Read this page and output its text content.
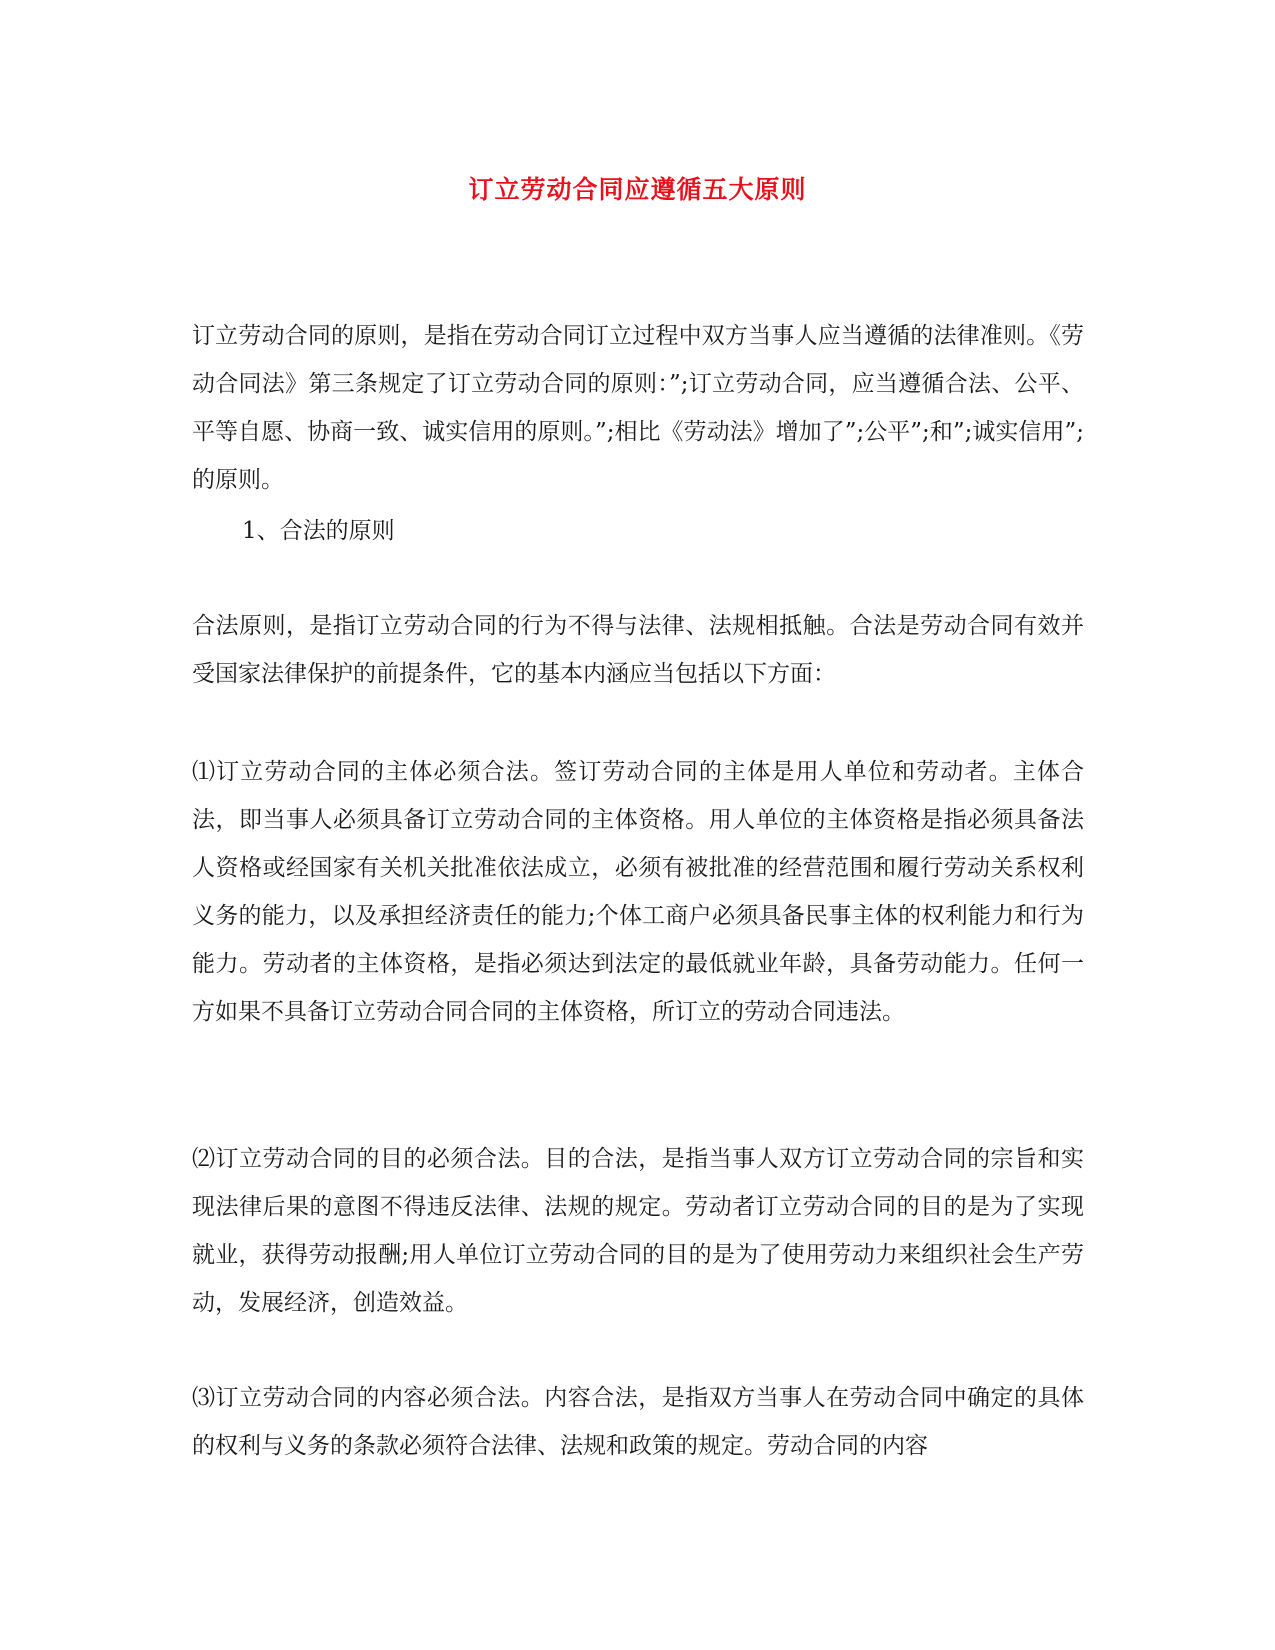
订立劳动合同应遵循五大原则
订立劳动合同的原则，是指在劳动合同订立过程中双方当事人应当遵循的法律准则。《劳动合同法》第三条规定了订立劳动合同的原则：”;订立劳动合同，应当遵循合法、公平、平等自愿、协商一致、诚实信用的原则。”;相比《劳动法》增加了”;公平”;和”;诚实信用”;的原则。
1、合法的原则
合法原则，是指订立劳动合同的行为不得与法律、法规相抵触。合法是劳动合同有效并受国家法律保护的前提条件，它的基本内涵应当包括以下方面：
⑴订立劳动合同的主体必须合法。签订劳动合同的主体是用人单位和劳动者。主体合法，即当事人必须具备订立劳动合同的主体资格。用人单位的主体资格是指必须具备法人资格或经国家有关机关批准依法成立，必须有被批准的经营范围和履行劳动关系权利义务的能力，以及承担经济责任的能力;个体工商户必须具备民事主体的权利能力和行为能力。劳动者的主体资格，是指必须达到法定的最低就业年龄，具备劳动能力。任何一方如果不具备订立劳动合同合同的主体资格，所订立的劳动合同违法。
⑵订立劳动合同的目的必须合法。目的合法，是指当事人双方订立劳动合同的宗旨和实现法律后果的意图不得违反法律、法规的规定。劳动者订立劳动合同的目的是为了实现就业，获得劳动报酬;用人单位订立劳动合同的目的是为了使用劳动力来组织社会生产劳动，发展经济，创造效益。
⑶订立劳动合同的内容必须合法。内容合法，是指双方当事人在劳动合同中确定的具体的权利与义务的条款必须符合法律、法规和政策的规定。劳动合同的内容
